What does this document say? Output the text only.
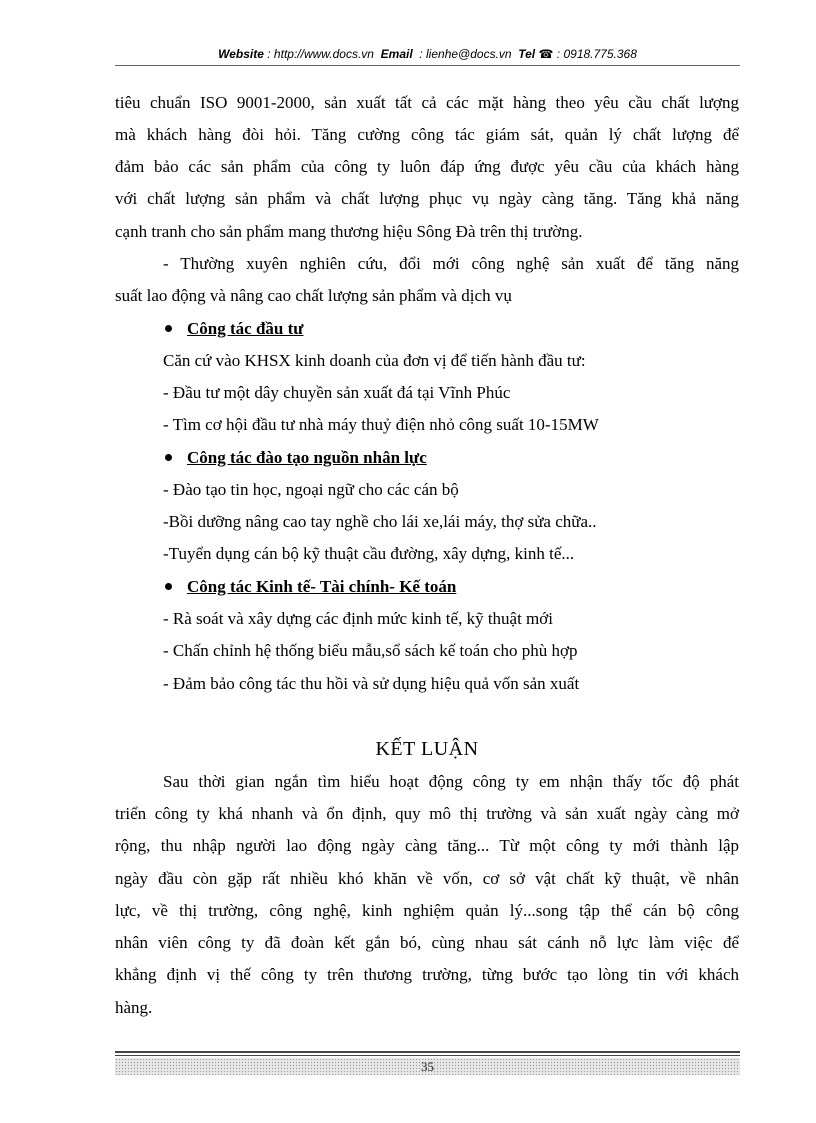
Website : http://www.docs.vn Email : lienhe@docs.vn Tel ☎ : 0918.775.368
tiêu chuẩn ISO 9001-2000, sản xuất tất cả các mặt hàng theo yêu cầu chất lượng
mà khách hàng đòi hỏi. Tăng cường công tác giám sát, quản lý chất lượng để
đảm bảo các sản phẩm của công ty luôn đáp ứng được yêu cầu của khách hàng
với chất lượng sản phẩm và chất lượng phục vụ ngày càng tăng. Tăng khả năng
cạnh tranh cho sản phẩm mang thương hiệu Sông Đà trên thị trường.
- Thường xuyên nghiên cứu, đổi mới công nghệ sản xuất để tăng năng
suất lao động và nâng cao chất lượng sản phẩm và dịch vụ
Công tác đầu tư
Căn cứ vào KHSX kinh doanh của đơn vị để tiến hành đầu tư:
- Đầu tư một dây chuyền sản xuất đá tại Vĩnh Phúc
- Tìm cơ hội đầu tư nhà máy thuỷ điện nhỏ công suất 10-15MW
Công tác đào tạo nguồn nhân lực
- Đào tạo tin học, ngoại ngữ cho các cán bộ
-Bồi dưỡng nâng cao tay nghề cho lái xe,lái máy, thợ sửa chữa..
-Tuyển dụng cán bộ kỹ thuật cầu đường, xây dựng, kinh tế...
Công tác Kinh tế- Tài chính- Kế toán
- Rà soát và xây dựng các định mức kinh tế, kỹ thuật mới
- Chấn chỉnh hệ thống biểu mẫu,sổ sách kế toán cho phù hợp
- Đảm bảo công tác thu hồi và sử dụng hiệu quả vốn sản xuất
KẾT LUẬN
Sau thời gian ngắn tìm hiểu hoạt động công ty em nhận thấy tốc độ phát
triển công ty khá nhanh và ổn định, quy mô thị trường và sản xuất ngày càng mở
rộng, thu nhập người lao động ngày càng tăng... Từ một công ty mới thành lập
ngày đầu còn gặp rất nhiều khó khăn về vốn, cơ sở vật chất kỹ thuật, về nhân
lực, về thị trường, công nghệ, kinh nghiệm quản lý...song tập thể cán bộ công
nhân viên công ty đã đoàn kết gắn bó, cùng nhau sát cánh nỗ lực làm việc để
khẳng định vị thế công ty trên thương trường, từng bước tạo lòng tin với khách
hàng.
35
